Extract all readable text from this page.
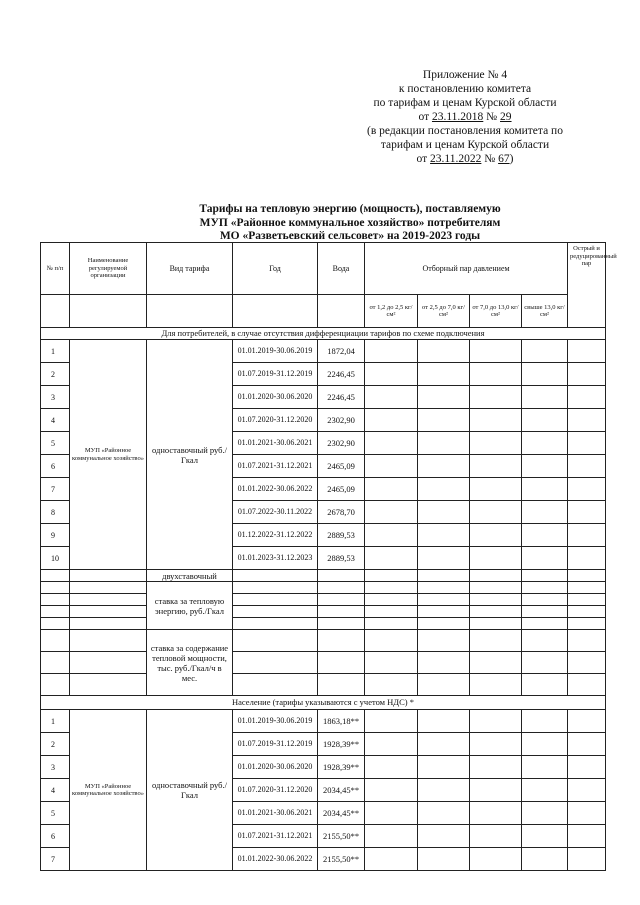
Приложение № 4
к постановлению комитета
по тарифам и ценам Курской области
от 23.11.2018 № 29
(в редакции постановления комитета по
тарифам и ценам Курской области
от 23.11.2022 № 67)
Тарифы на тепловую энергию (мощность), поставляемую
МУП «Районное коммунальное хозяйство» потребителям
МО «Разветьевский сельсовет» на 2019-2023 годы
№ п/п	Наименование регулируемой организации	Вид тарифа	Год	Вода	Отборный пар давлением				Острый и редуцированный пар
					от 1,2 до 2,5 кг/см²	от 2,5 до 7,0 кг/см²	от 7,0 до 13,0 кг/см²	свыше 13,0 кг/см²	
Для потребителей, в случае отсутствия дифференциации тарифов по схеме подключения									
1	МУП «Районное коммунальное хозяйство»	одноставочный руб./Гкал	01.01.2019-30.06.2019	1872,04					
2			01.07.2019-31.12.2019	2246,45					
3			01.01.2020-30.06.2020	2246,45					
4			01.07.2020-31.12.2020	2302,90					
5			01.01.2021-30.06.2021	2302,90					
6			01.07.2021-31.12.2021	2465,09					
7			01.01.2022-30.06.2022	2465,09					
8			01.07.2022-30.11.2022	2678,70					
9			01.12.2022-31.12.2022	2889,53					
10			01.01.2023-31.12.2023	2889,53					
		двухставочный							
		ставка за тепловую энергию, руб./Гкал							

		ставка за содержание тепловой мощности, тыс. руб./Гкал/ч в мес.							

Население (тарифы указываются с учетом НДС) *									
1	МУП «Районное коммунальное хозяйство»	одноставочный руб./Гкал	01.01.2019-30.06.2019	1863,18**					
2			01.07.2019-31.12.2019	1928,39**					
3			01.01.2020-30.06.2020	1928,39**					
4			01.07.2020-31.12.2020	2034,45**					
5			01.01.2021-30.06.2021	2034,45**					
6			01.07.2021-31.12.2021	2155,50**					
7			01.01.2022-30.06.2022	2155,50**					
